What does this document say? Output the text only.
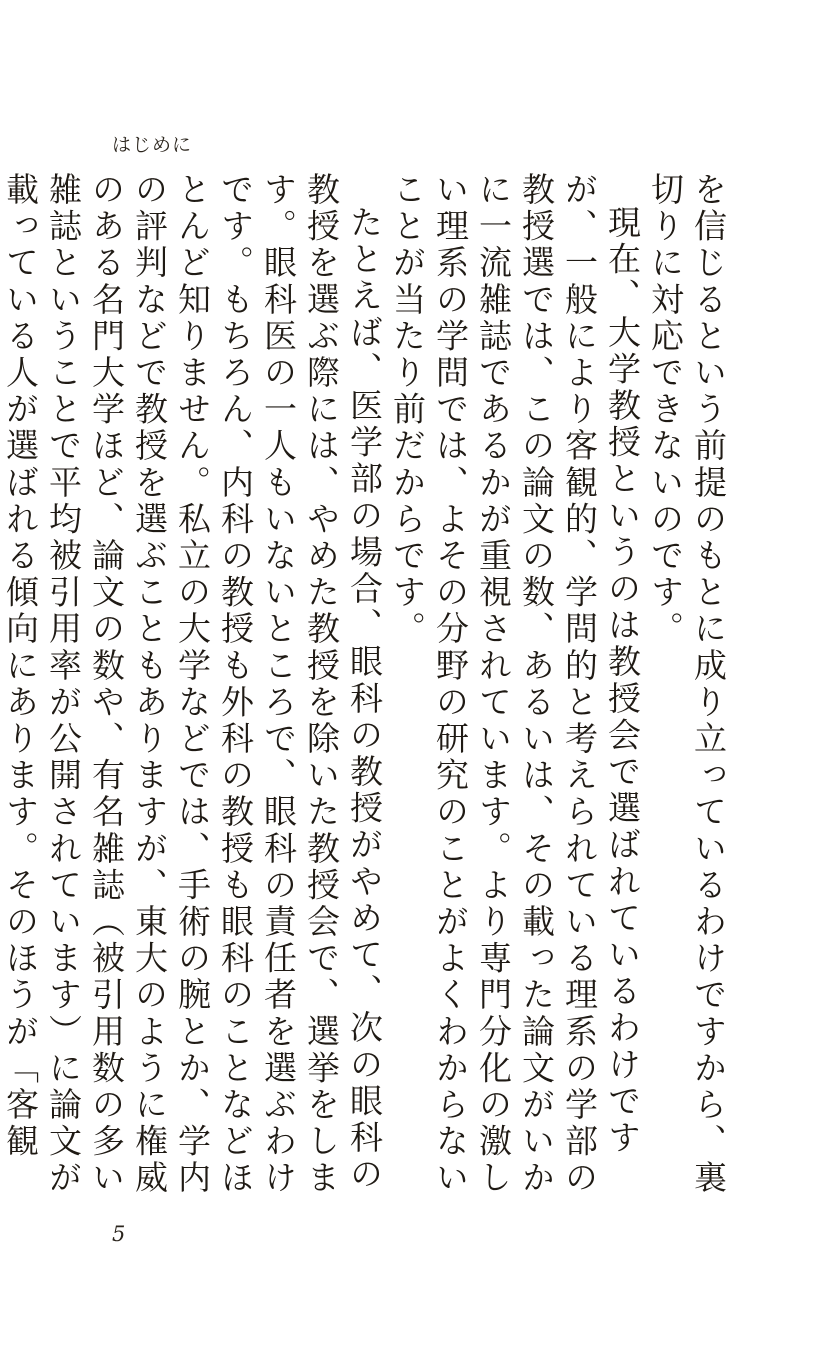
はじめに

を信じるという前提のもとに成り立っているわけですから、裏切りに対応できないのです。

現在、大学教授というのは教授会で選ばれているわけですが、一般により客観的、学問的と考えられている理系の学部の教授選では、この論文の数、あるいは、その載った論文がいかに一流雑誌であるかが重視されています。より専門分化の激しい理系の学問では、よその分野の研究のことがよくわからないことが当たり前だからです。

たとえば、医学部の場合、眼科の教授がやめて、次の眼科の教授を選ぶ際には、やめた教授を除いた教授会で、選挙をします。眼科医の一人もいないところで、眼科の責任者を選ぶわけです。もちろん、内科の教授も外科の教授も眼科のことなどほとんど知りません。私立の大学などでは、手術の腕とか、学内の評判などで教授を選ぶこともありますが、東大のように権威のある名門大学ほど、論文の数や、有名雑誌（被引用数の多い雑誌ということで平均被引用率が公開されています）に論文が載っている人が選ばれる傾向にあります。そのほうが「客観

5
